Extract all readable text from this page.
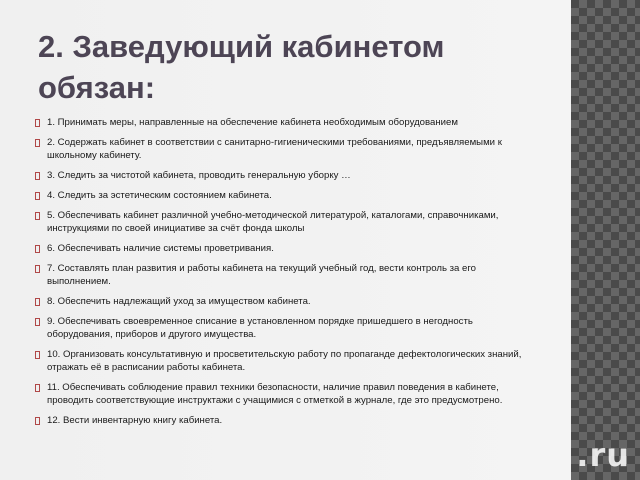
2. Заведующий кабинетом обязан:
1. Принимать меры, направленные на обеспечение кабинета необходимым оборудованием
2. Содержать кабинет в соответствии с санитарно-гигиеническими требованиями, предъявляемыми к школьному кабинету.
3. Следить за чистотой кабинета, проводить генеральную уборку …
4. Следить за эстетическим состоянием кабинета.
5. Обеспечивать кабинет различной учебно-методической литературой, каталогами, справочниками, инструкциями по своей инициативе за счёт фонда школы
6. Обеспечивать наличие системы проветривания.
7. Составлять план развития и работы кабинета на текущий учебный год, вести контроль за его выполнением.
8. Обеспечить надлежащий уход за имуществом кабинета.
9. Обеспечивать своевременное списание в установленном порядке пришедшего в негодность оборудования, приборов и другого имущества.
10. Организовать консультативную и просветительскую работу по пропаганде дефектологических знаний, отражать её в расписании работы кабинета.
11. Обеспечивать соблюдение правил техники безопасности, наличие правил поведения в кабинете, проводить соответствующие инструктажи с учащимися с отметкой в журнале, где это предусмотрено.
12. Вести инвентарную книгу кабинета.
.ru
